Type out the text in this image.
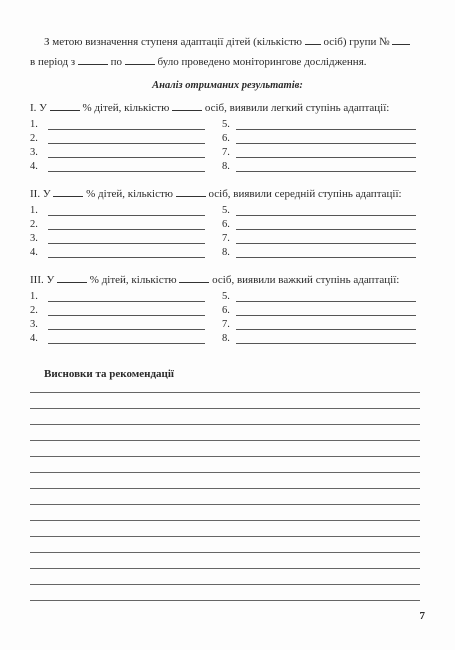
З метою визначення ступеня адаптації дітей (кількістю осіб) групи №
в період з	по	було проведено моніторингове дослідження.
Аналіз отриманих результатів:
I. У	% дітей, кількістю	осіб, виявили легкий ступінь адаптації:
1.
2.
3.
4.
5.
6.
7.
8.
II. У	% дітей, кількістю	осіб, виявили середній ступінь адаптації:
1.
2.
3.
4.
5.
6.
7.
8.
III. У	% дітей, кількістю	осіб, виявили важкий ступінь адаптації:
1.
2.
3.
4.
5.
6.
7.
8.
Висновки та рекомендації
7
